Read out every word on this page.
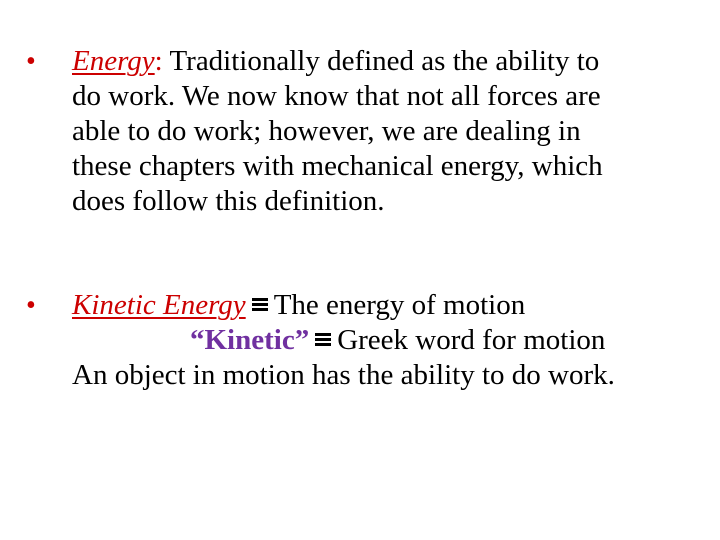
• Energy: Traditionally defined as the ability to
do work. We now know that not all forces are
able to do work; however, we are dealing in
these chapters with mechanical energy, which
does follow this definition.
• Kinetic Energy The energy of motion
“Kinetic” Greek word for motion
An object in motion has the ability to do work.
